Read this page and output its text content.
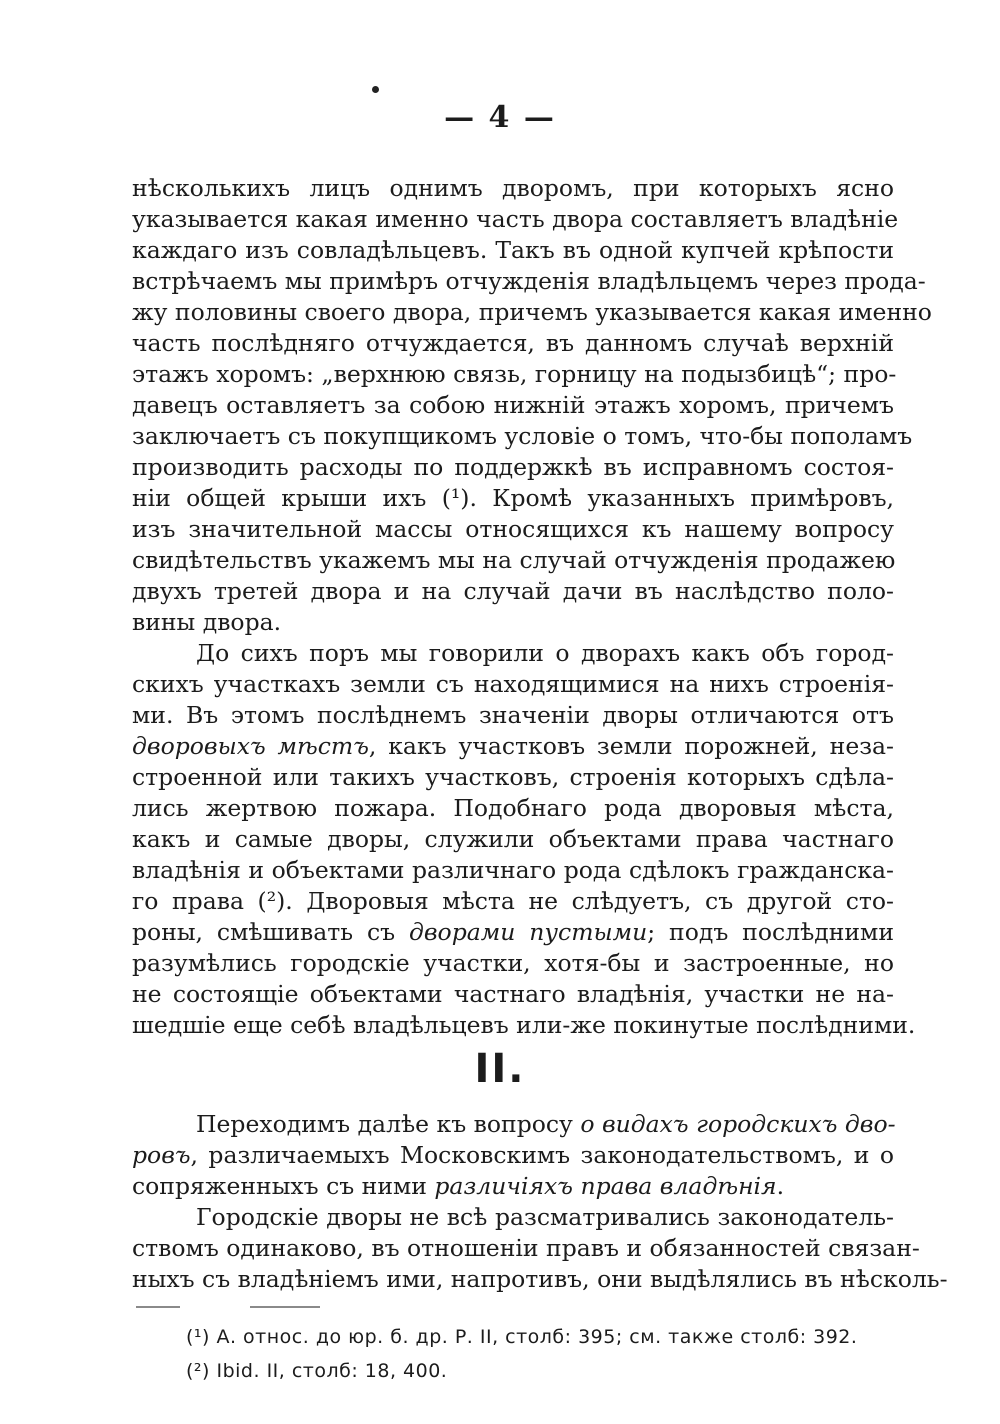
— 4 —
нѣсколькихъ лицъ однимъ дворомъ, при которыхъ ясно
указывается какая именно часть двора составляетъ владѣніе
каждаго изъ совладѣльцевъ. Такъ въ одной купчей крѣпости
встрѣчаемъ мы примѣръ отчужденія владѣльцемъ через прода-
жу половины своего двора, причемъ указывается какая именно
часть послѣдняго отчуждается, въ данномъ случаѣ верхній
этажъ хоромъ: „верхнюю связь, горницу на подызбицѣ“; про-
давецъ оставляетъ за собою нижній этажъ хоромъ, причемъ
заключаетъ съ покупщикомъ условіе о томъ, что-бы пополамъ
производить расходы по поддержкѣ въ исправномъ состоя-
ніи общей крыши ихъ (¹). Кромѣ указанныхъ примѣровъ,
изъ значительной массы относящихся къ нашему вопросу
свидѣтельствъ укажемъ мы на случай отчужденія продажею
двухъ третей двора и на случай дачи въ наслѣдство поло-
вины двора.
До сихъ поръ мы говорили о дворахъ какъ объ город-
скихъ участкахъ земли съ находящимися на нихъ строенія-
ми. Въ этомъ послѣднемъ значеніи дворы отличаются отъ
дворовыхъ мѣстъ, какъ участковъ земли порожней, неза-
строенной или такихъ участковъ, строенія которыхъ сдѣла-
лись жертвою пожара. Подобнаго рода дворовыя мѣста,
какъ и самые дворы, служили объектами права частнаго
владѣнія и объектами различнаго рода сдѣлокъ гражданска-
го права (²). Дворовыя мѣста не слѣдуетъ, съ другой сто-
роны, смѣшивать съ дворами пустыми; подъ послѣдними
разумѣлись городскіе участки, хотя-бы и застроенные, но
не состоящіе объектами частнаго владѣнія, участки не на-
шедшіе еще себѣ владѣльцевъ или-же покинутые послѣдними.
II.
Переходимъ далѣе къ вопросу о видахъ городскихъ дво-
ровъ, различаемыхъ Московскимъ законодательствомъ, и о
сопряженныхъ съ ними различіяхъ права владѣнія.
Городскіе дворы не всѣ разсматривались законодатель-
ствомъ одинаково, въ отношеніи правъ и обязанностей связан-
ныхъ съ владѣніемъ ими, напротивъ, они выдѣлялись въ нѣсколь-
(¹) А. относ. до юр. б. др. Р. II, столб: 395; см. также столб: 392.
(²) Ibid. II, столб: 18, 400.
